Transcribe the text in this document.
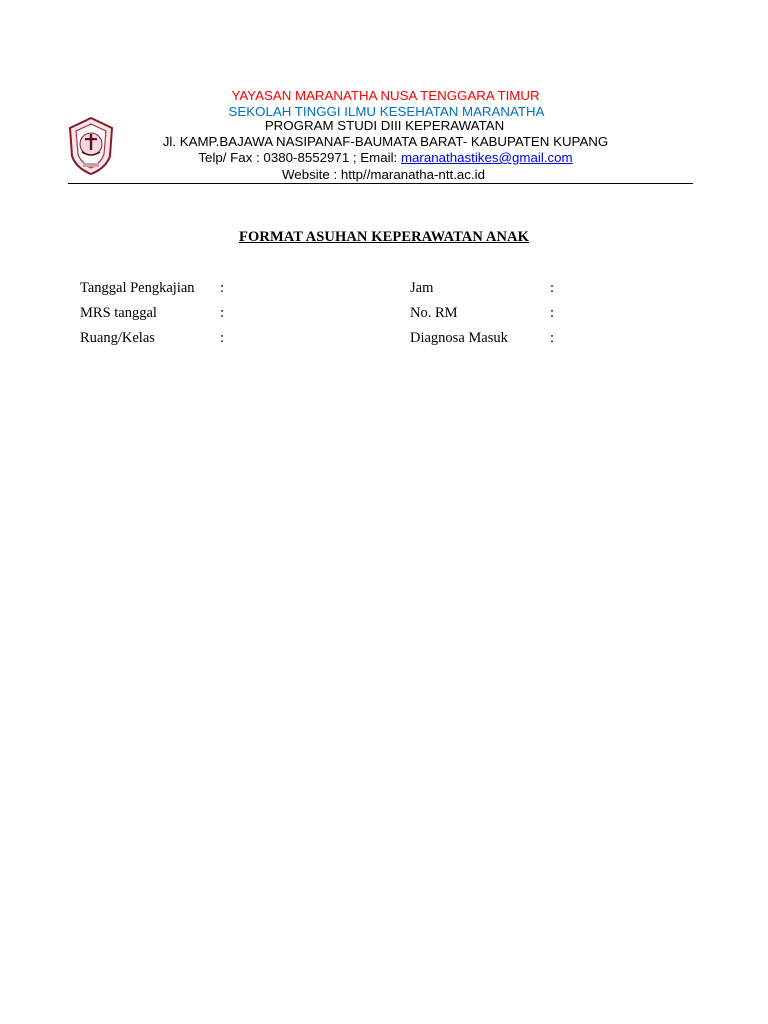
YAYASAN MARANATHA NUSA TENGGARA TIMUR
SEKOLAH TINGGI ILMU KESEHATAN MARANATHA
PROGRAM STUDI DIII KEPERAWATAN
Jl. KAMP.BAJAWA NASIPANAF-BAUMATA BARAT- KABUPATEN KUPANG
Telp/ Fax : 0380-8552971 ; Email: maranathastikes@gmail.com
Website : http//maranatha-ntt.ac.id
FORMAT ASUHAN KEPERAWATAN ANAK
Tanggal Pengkajian :	Jam	:
MRS tanggal	:	No. RM	:
Ruang/Kelas	:	Diagnosa Masuk	:
